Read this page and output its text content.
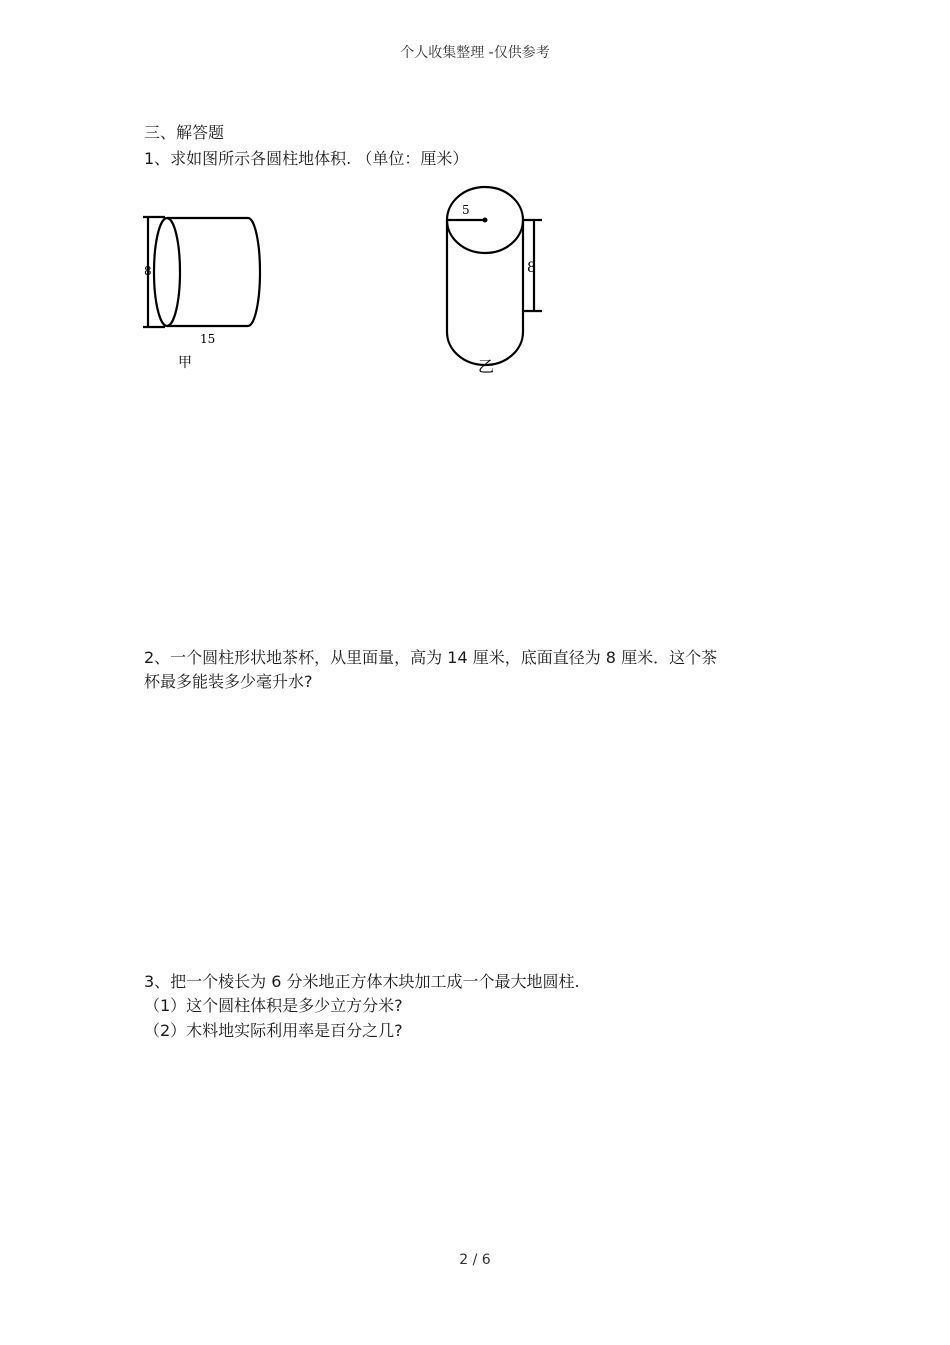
个人收集整理 -仅供参考
三、解答题
1、求如图所示各圆柱地体积. （单位：厘米）
8
15
甲
5
8
乙
2、一个圆柱形状地茶杯，从里面量，高为 14 厘米，底面直径为 8 厘米．这个茶
杯最多能装多少毫升水?
3、把一个棱长为 6 分米地正方体木块加工成一个最大地圆柱.
（1）这个圆柱体积是多少立方分米?
（2）木料地实际利用率是百分之几?
2 / 6
